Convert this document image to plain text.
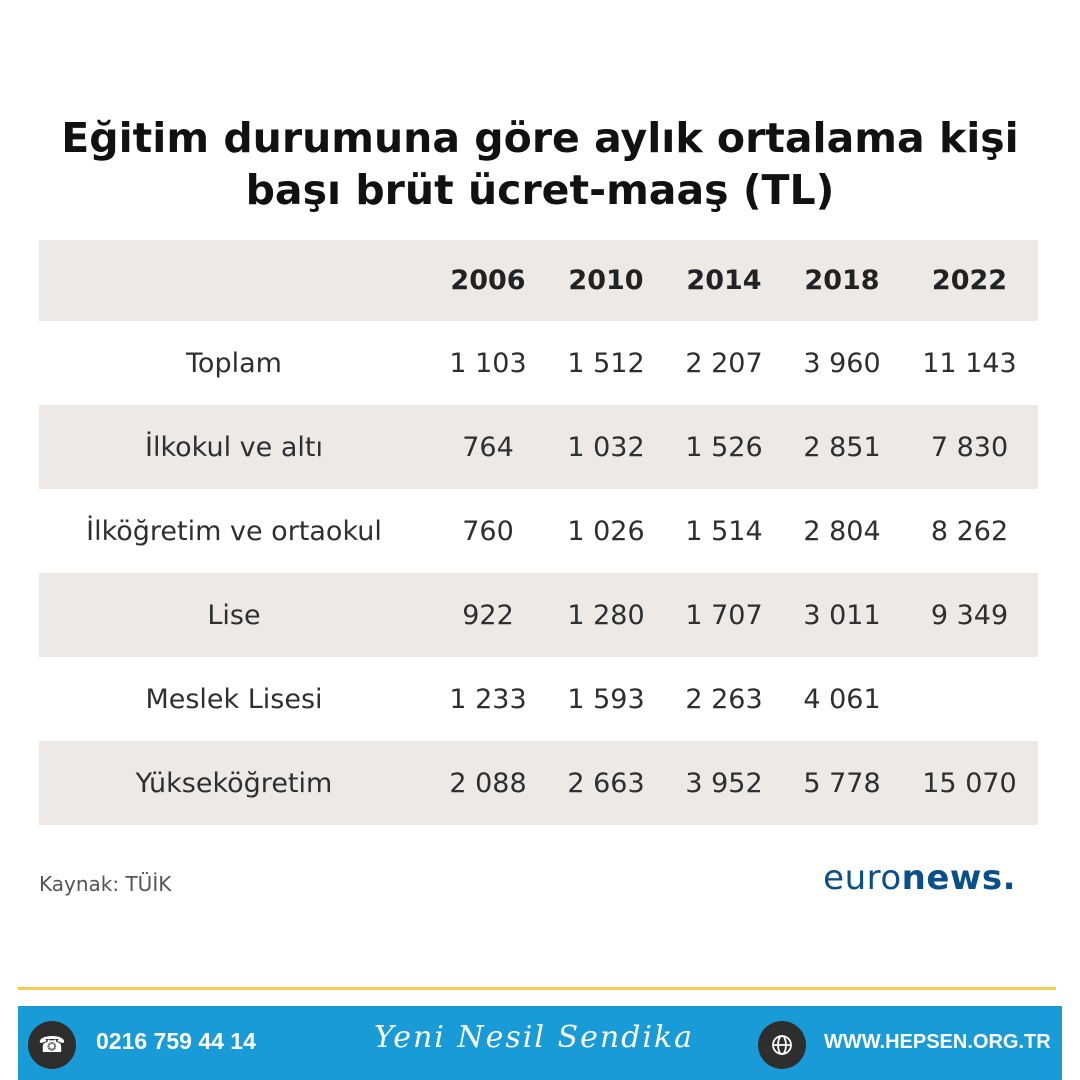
Eğitim durumuna göre aylık ortalama kişi başı brüt ücret-maaş (TL)
2006	2010	2014	2018	2022
Toplam	1 103	1 512	2 207	3 960	11 143
İlkokul ve altı	764	1 032	1 526	2 851	7 830
İlköğretim ve ortaokul	760	1 026	1 514	2 804	8 262
Lise	922	1 280	1 707	3 011	9 349
Meslek Lisesi	1 233	1 593	2 263	4 061
Yükseköğretim	2 088	2 663	3 952	5 778	15 070
Kaynak: TÜİK	euronews.
☎	0216 759 44 14	Yeni Nesil Sendika	WWW.HEPSEN.ORG.TR
